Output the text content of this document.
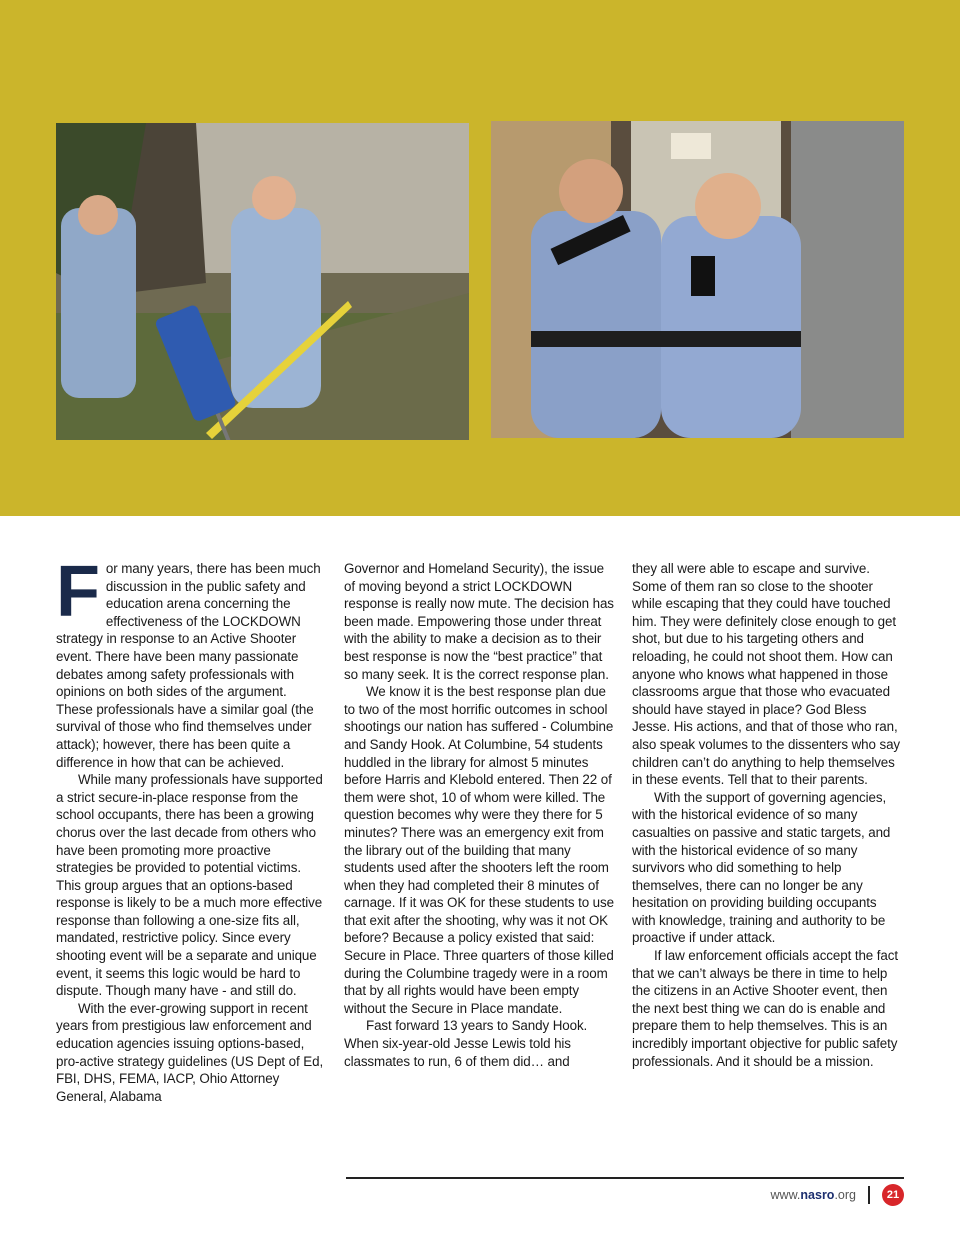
For many years, there has been much discussion in the public safety and education arena concerning the effectiveness of the LOCKDOWN strategy in response to an Active Shooter event. There have been many passionate debates among safety professionals with opinions on both sides of the argument. These professionals have a similar goal (the survival of those who find themselves under attack); however, there has been quite a difference in how that can be achieved.

While many professionals have supported a strict secure-in-place response from the school occupants, there has been a growing chorus over the last decade from others who have been promoting more proactive strategies be provided to potential victims. This group argues that an options-based response is likely to be a much more effective response than following a one-size fits all, mandated, restrictive policy. Since every shooting event will be a separate and unique event, it seems this logic would be hard to dispute. Though many have - and still do.

With the ever-growing support in recent years from prestigious law enforcement and education agencies issuing options-based, pro-active strategy guidelines (US Dept of Ed, FBI, DHS, FEMA, IACP, Ohio Attorney General, Alabama

Governor and Homeland Security), the issue of moving beyond a strict LOCKDOWN response is really now mute. The decision has been made. Empowering those under threat with the ability to make a decision as to their best response is now the “best practice” that so many seek. It is the correct response plan.

We know it is the best response plan due to two of the most horrific outcomes in school shootings our nation has suffered - Columbine and Sandy Hook. At Columbine, 54 students huddled in the library for almost 5 minutes before Harris and Klebold entered. Then 22 of them were shot, 10 of whom were killed. The question becomes why were they there for 5 minutes? There was an emergency exit from the library out of the building that many students used after the shooters left the room when they had completed their 8 minutes of carnage. If it was OK for these students to use that exit after the shooting, why was it not OK before? Because a policy existed that said: Secure in Place. Three quarters of those killed during the Columbine tragedy were in a room that by all rights would have been empty without the Secure in Place mandate.

Fast forward 13 years to Sandy Hook. When six-year-old Jesse Lewis told his classmates to run, 6 of them did… and

they all were able to escape and survive. Some of them ran so close to the shooter while escaping that they could have touched him. They were definitely close enough to get shot, but due to his targeting others and reloading, he could not shoot them. How can anyone who knows what happened in those classrooms argue that those who evacuated should have stayed in place? God Bless Jesse. His actions, and that of those who ran, also speak volumes to the dissenters who say children can’t do anything to help themselves in these events. Tell that to their parents.

With the support of governing agencies, with the historical evidence of so many casualties on passive and static targets, and with the historical evidence of so many survivors who did something to help themselves, there can no longer be any hesitation on providing building occupants with knowledge, training and authority to be proactive if under attack.

If law enforcement officials accept the fact that we can’t always be there in time to help the citizens in an Active Shooter event, then the next best thing we can do is enable and prepare them to help themselves. This is an incredibly important objective for public safety professionals. And it should be a mission.

www.nasro.org	21
